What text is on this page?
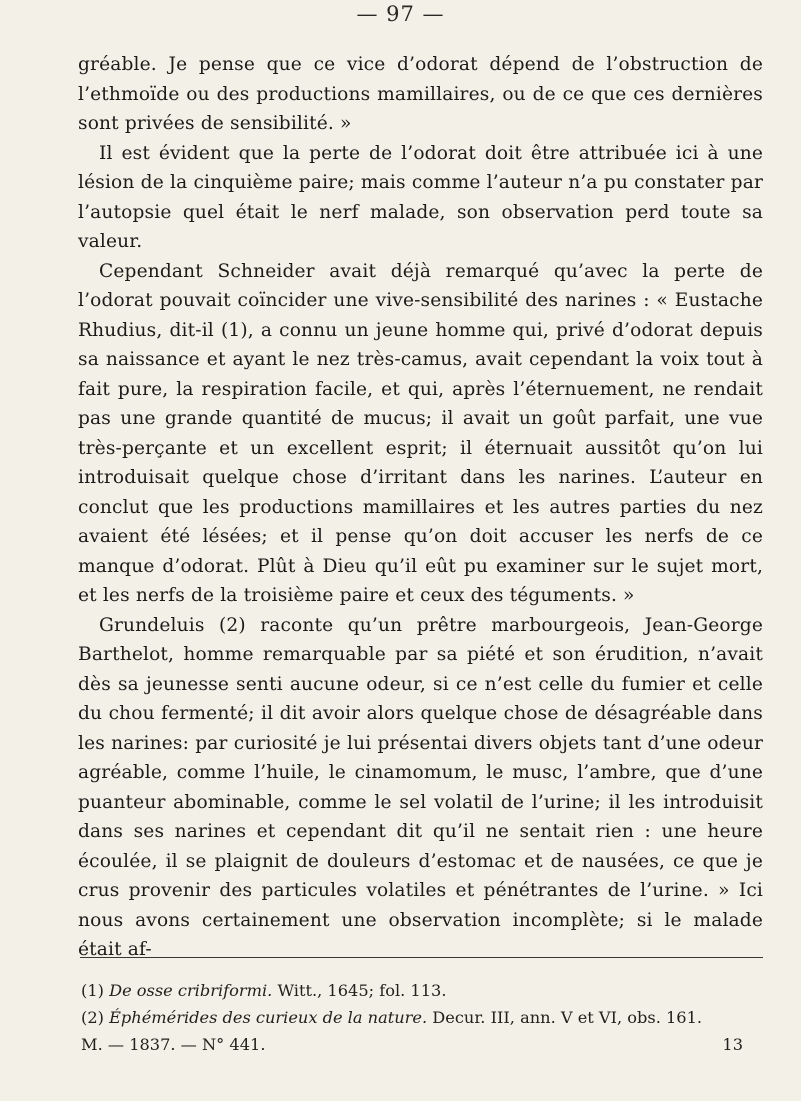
— 97 —

gréable. Je pense que ce vice d’odorat dépend de l’obstruction de l’ethmoïde ou des productions mamillaires, ou de ce que ces dernières sont privées de sensibilité. »

Il est évident que la perte de l’odorat doit être attribuée ici à une lésion de la cinquième paire; mais comme l’auteur n’a pu constater par l’autopsie quel était le nerf malade, son observation perd toute sa valeur.

Cependant Schneider avait déjà remarqué qu’avec la perte de l’odorat pouvait coïncider une vive-sensibilité des narines : « Eustache Rhudius, dit-il (1), a connu un jeune homme qui, privé d’odorat depuis sa naissance et ayant le nez très-camus, avait cependant la voix tout à fait pure, la respiration facile, et qui, après l’éternuement, ne rendait pas une grande quantité de mucus; il avait un goût parfait, une vue très-perçante et un excellent esprit; il éternuait aussitôt qu’on lui introduisait quelque chose d’irritant dans les narines. L’auteur en conclut que les productions mamillaires et les autres parties du nez avaient été lésées; et il pense qu’on doit accuser les nerfs de ce manque d’odorat. Plût à Dieu qu’il eût pu examiner sur le sujet mort, et les nerfs de la troisième paire et ceux des téguments. »

Grundeluis (2) raconte qu’un prêtre marbourgeois, Jean-George Barthelot, homme remarquable par sa piété et son érudition, n’avait dès sa jeunesse senti aucune odeur, si ce n’est celle du fumier et celle du chou fermenté; il dit avoir alors quelque chose de désagréable dans les narines: par curiosité je lui présentai divers objets tant d’une odeur agréable, comme l’huile, le cinamomum, le musc, l’ambre, que d’une puanteur abominable, comme le sel volatil de l’urine; il les introduisit dans ses narines et cependant dit qu’il ne sentait rien : une heure écoulée, il se plaignit de douleurs d’estomac et de nausées, ce que je crus provenir des particules volatiles et pénétrantes de l’urine. » Ici nous avons certainement une observation incomplète; si le malade était af-

(1) De osse cribriformi. Witt., 1645; fol. 113.
(2) Éphémérides des curieux de la nature. Decur. III, ann. V et VI, obs. 161.
M. — 1837. — N° 441.	13
